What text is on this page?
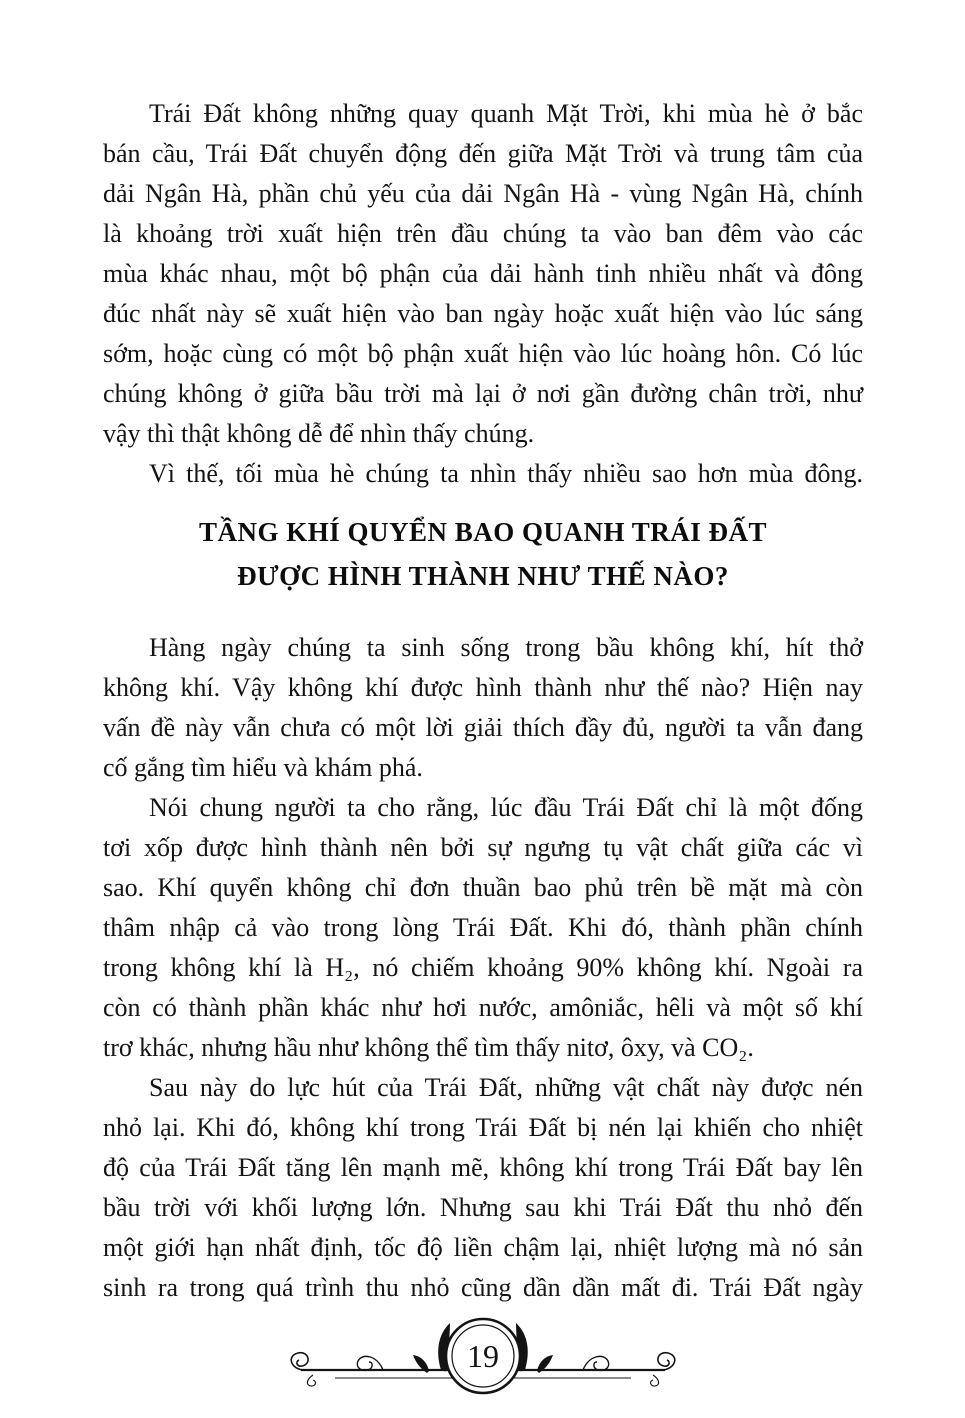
Trái Đất không những quay quanh Mặt Trời, khi mùa hè ở bắc
bán cầu, Trái Đất chuyển động đến giữa Mặt Trời và trung tâm của
dải Ngân Hà, phần chủ yếu của dải Ngân Hà - vùng Ngân Hà, chính
là khoảng trời xuất hiện trên đầu chúng ta vào ban đêm vào các
mùa khác nhau, một bộ phận của dải hành tinh nhiều nhất và đông
đúc nhất này sẽ xuất hiện vào ban ngày hoặc xuất hiện vào lúc sáng
sớm, hoặc cùng có một bộ phận xuất hiện vào lúc hoàng hôn. Có lúc
chúng không ở giữa bầu trời mà lại ở nơi gần đường chân trời, như
vậy thì thật không dễ để nhìn thấy chúng.
Vì thế, tối mùa hè chúng ta nhìn thấy nhiều sao hơn mùa đông.
TẦNG KHÍ QUYỂN BAO QUANH TRÁI ĐẤT
ĐƯỢC HÌNH THÀNH NHƯ THẾ NÀO?
Hàng ngày chúng ta sinh sống trong bầu không khí, hít thở
không khí. Vậy không khí được hình thành như thế nào? Hiện nay
vấn đề này vẫn chưa có một lời giải thích đầy đủ, người ta vẫn đang
cố gắng tìm hiểu và khám phá.
Nói chung người ta cho rằng, lúc đầu Trái Đất chỉ là một đống
tơi xốp được hình thành nên bởi sự ngưng tụ vật chất giữa các vì
sao. Khí quyển không chỉ đơn thuần bao phủ trên bề mặt mà còn
thâm nhập cả vào trong lòng Trái Đất. Khi đó, thành phần chính
trong không khí là H₂, nó chiếm khoảng 90% không khí. Ngoài ra
còn có thành phần khác như hơi nước, amôniắc, hêli và một số khí
trơ khác, nhưng hầu như không thể tìm thấy nitơ, ôxy, và CO₂.
Sau này do lực hút của Trái Đất, những vật chất này được nén
nhỏ lại. Khi đó, không khí trong Trái Đất bị nén lại khiến cho nhiệt
độ của Trái Đất tăng lên mạnh mẽ, không khí trong Trái Đất bay lên
bầu trời với khối lượng lớn. Nhưng sau khi Trái Đất thu nhỏ đến
một giới hạn nhất định, tốc độ liền chậm lại, nhiệt lượng mà nó sản
sinh ra trong quá trình thu nhỏ cũng dần dần mất đi. Trái Đất ngày
19
